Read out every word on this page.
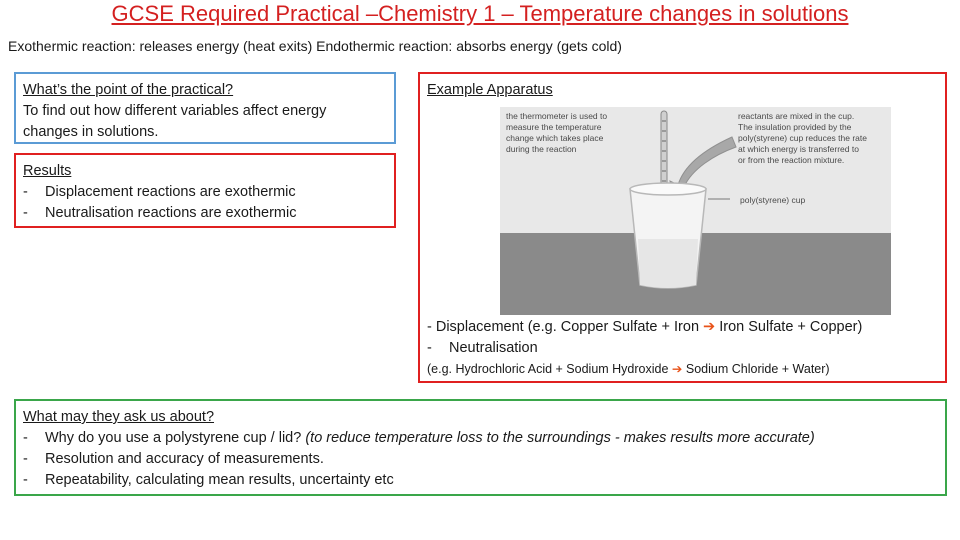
GCSE Required Practical –Chemistry 1 – Temperature changes in solutions
Exothermic reaction: releases energy (heat exits) Endothermic reaction: absorbs energy (gets cold)
What’s the point of the practical?
To find out how different variables affect energy changes in solutions.
Results
-	Displacement reactions are exothermic
-	Neutralisation reactions are exothermic
Example Apparatus
the thermometer is used to measure the temperature change which takes place during the reaction
reactants are mixed in the cup. The insulation provided by the poly(styrene) cup reduces the rate at which energy is transferred to or from the reaction mixture.
poly(styrene) cup
- Displacement (e.g. Copper Sulfate + Iron ➔ Iron Sulfate + Copper)
-	Neutralisation
(e.g. Hydrochloric Acid + Sodium Hydroxide ➔ Sodium Chloride + Water)
What may they ask us about?
-	Why do you use a polystyrene cup / lid? (to reduce temperature loss to the surroundings - makes results more accurate)
-	Resolution and accuracy of measurements.
-	Repeatability, calculating mean results, uncertainty etc
